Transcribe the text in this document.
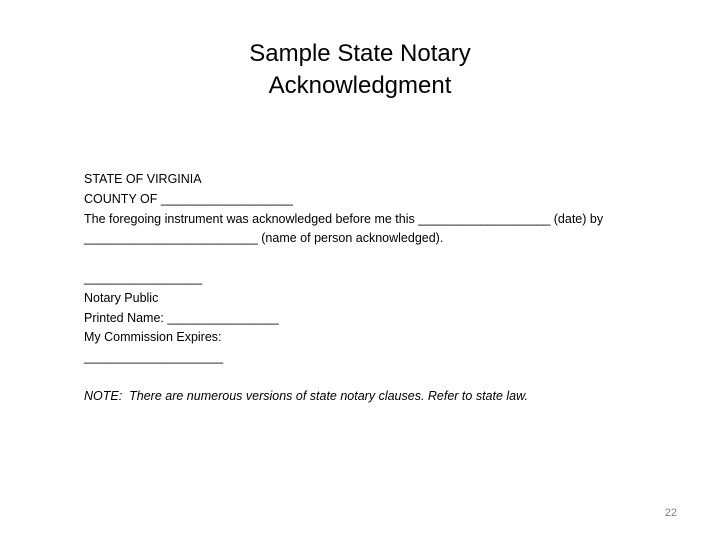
Sample State Notary
Acknowledgment
STATE OF VIRGINIA
COUNTY OF ___________________
The foregoing instrument was acknowledged before me this ___________________ (date) by
_________________________ (name of person acknowledged).
_________________
Notary Public
Printed Name: ________________
My Commission Expires:
____________________
NOTE:  There are numerous versions of state notary clauses. Refer to state law.
22
